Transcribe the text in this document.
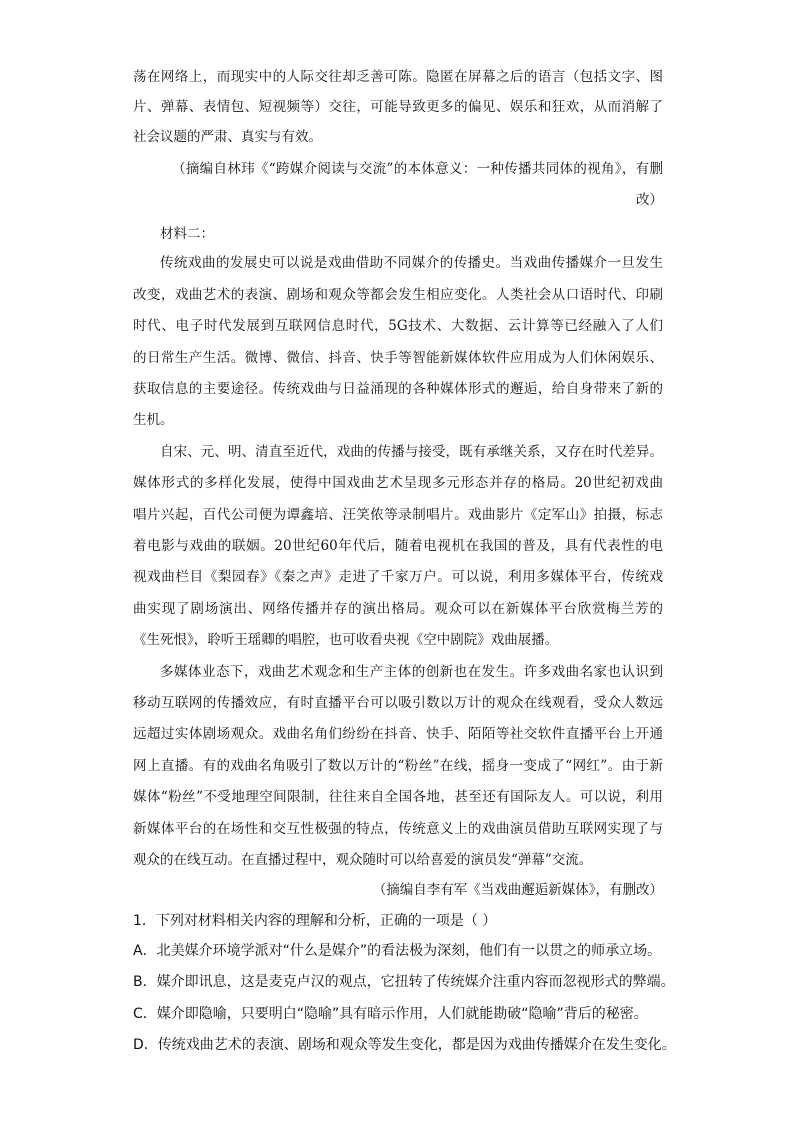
荡在网络上，而现实中的人际交往却乏善可陈。隐匿在屏幕之后的语言（包括文字、图
片、弹幕、表情包、短视频等）交往，可能导致更多的偏见、娱乐和狂欢，从而消解了
社会议题的严肃、真实与有效。
（摘编自林玮《“跨媒介阅读与交流”的本体意义：一种传播共同体的视角》，有删
改）
材料二：
传统戏曲的发展史可以说是戏曲借助不同媒介的传播史。当戏曲传播媒介一旦发生
改变，戏曲艺术的表演、剧场和观众等都会发生相应变化。人类社会从口语时代、印刷
时代、电子时代发展到互联网信息时代，5G技术、大数据、云计算等已经融入了人们
的日常生产生活。微博、微信、抖音、快手等智能新媒体软件应用成为人们休闲娱乐、
获取信息的主要途径。传统戏曲与日益涌现的各种媒体形式的邂逅，给自身带来了新的
生机。
自宋、元、明、清直至近代，戏曲的传播与接受，既有承继关系，又存在时代差异。
媒体形式的多样化发展，使得中国戏曲艺术呈现多元形态并存的格局。20世纪初戏曲
唱片兴起，百代公司便为谭鑫培、汪笑侬等录制唱片。戏曲影片《定军山》拍摄，标志
着电影与戏曲的联姻。20世纪60年代后，随着电视机在我国的普及，具有代表性的电
视戏曲栏目《梨园春》《秦之声》走进了千家万户。可以说，利用多媒体平台，传统戏
曲实现了剧场演出、网络传播并存的演出格局。观众可以在新媒体平台欣赏梅兰芳的
《生死恨》，聆听王瑶卿的唱腔，也可收看央视《空中剧院》戏曲展播。
多媒体业态下，戏曲艺术观念和生产主体的创新也在发生。许多戏曲名家也认识到
移动互联网的传播效应，有时直播平台可以吸引数以万计的观众在线观看，受众人数远
远超过实体剧场观众。戏曲名角们纷纷在抖音、快手、陌陌等社交软件直播平台上开通
网上直播。有的戏曲名角吸引了数以万计的“粉丝”在线，摇身一变成了“网红”。由于新
媒体“粉丝”不受地理空间限制，往往来自全国各地，甚至还有国际友人。可以说，利用
新媒体平台的在场性和交互性极强的特点，传统意义上的戏曲演员借助互联网实现了与
观众的在线互动。在直播过程中，观众随时可以给喜爱的演员发“弹幕”交流。
（摘编自李有军《当戏曲邂逅新媒体》，有删改）
1．下列对材料相关内容的理解和分析，正确的一项是（ ）
A．北美媒介环境学派对“什么是媒介”的看法极为深刻，他们有一以贯之的师承立场。
B．媒介即讯息，这是麦克卢汉的观点，它扭转了传统媒介注重内容而忽视形式的弊端。
C．媒介即隐喻，只要明白“隐喻”具有暗示作用，人们就能勘破“隐喻”背后的秘密。
D．传统戏曲艺术的表演、剧场和观众等发生变化，都是因为戏曲传播媒介在发生变化。
